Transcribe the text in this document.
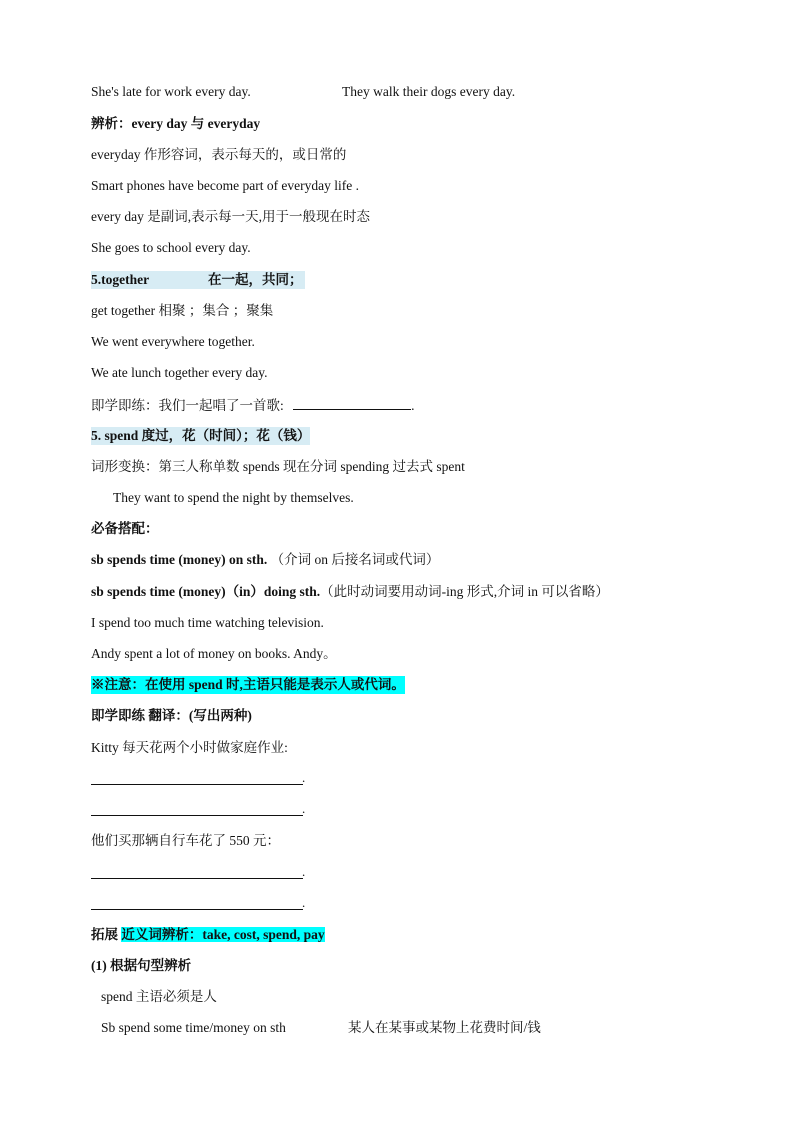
She's late for work every day.	They walk their dogs every day.
辨析：every day 与 everyday
everyday 作形容词，表示每天的，或日常的
Smart phones have become part of everyday life .
every day 是副词,表示每一天,用于一般现在时态
She goes to school every day.
5.together	在一起，共同；
get together 相聚 ；集合 ；聚集
We went everywhere together.
We ate lunch together every day.
即学即练：我们一起唱了一首歌:	.
5. spend 度过，花（时间）；花（钱）
词形变换：第三人称单数 spends 现在分词 spending 过去式 spent
They want to spend the night by themselves.
必备搭配：
sb spends time (money) on sth. （介词 on 后接名词或代词）
sb spends time (money)（in）doing sth.（此时动词要用动词-ing 形式,介词 in 可以省略）
I spend too much time watching television.
Andy spent a lot of money on books. Andy。
※注意：在使用 spend 时,主语只能是表示人或代词。
即学即练 翻译：(写出两种)
Kitty 每天花两个小时做家庭作业:
.
.
他们买那辆自行车花了 550 元：
.
.
拓展 近义词辨析：take, cost, spend, pay
(1) 根据句型辨析
spend 主语必须是人
Sb spend some time/money on sth	某人在某事或某物上花费时间/钱
